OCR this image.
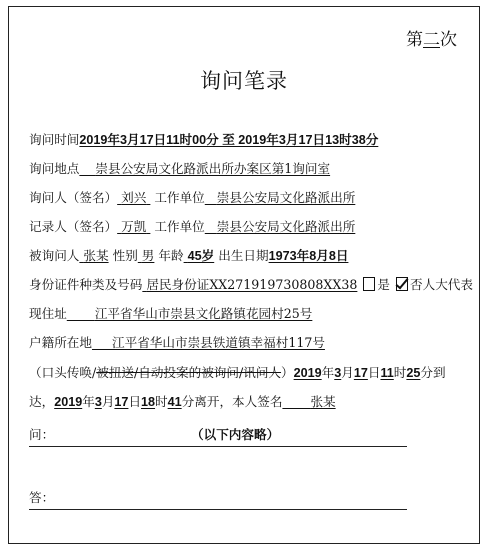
第二次
询问笔录
询问时间2019年3月17日11时00分 至 2019年3月17日13时38分
询问地点 崇县公安局文化路派出所办案区第1询问室
询问人（签名） 刘兴 工作单位 崇县公安局文化路派出所
记录人（签名） 万凯 工作单位 崇县公安局文化路派出所
被询问人 张某 性别 男 年龄 45岁 出生日期1973年8月8日
身份证件种类及号码 居民身份证XX271919730808XX38 是 否人大代表
现住址 江平省华山市崇县文化路镇花园村25号
户籍所在地 江平省华山市崇县铁道镇幸福村117号
（口头传唤/被扭送/自动投案的被询问/讯问人）2019年3月17日11时25分到
达，2019年3月17日18时41分离开，本人签名 张某
问：	（以下内容略）
答：
